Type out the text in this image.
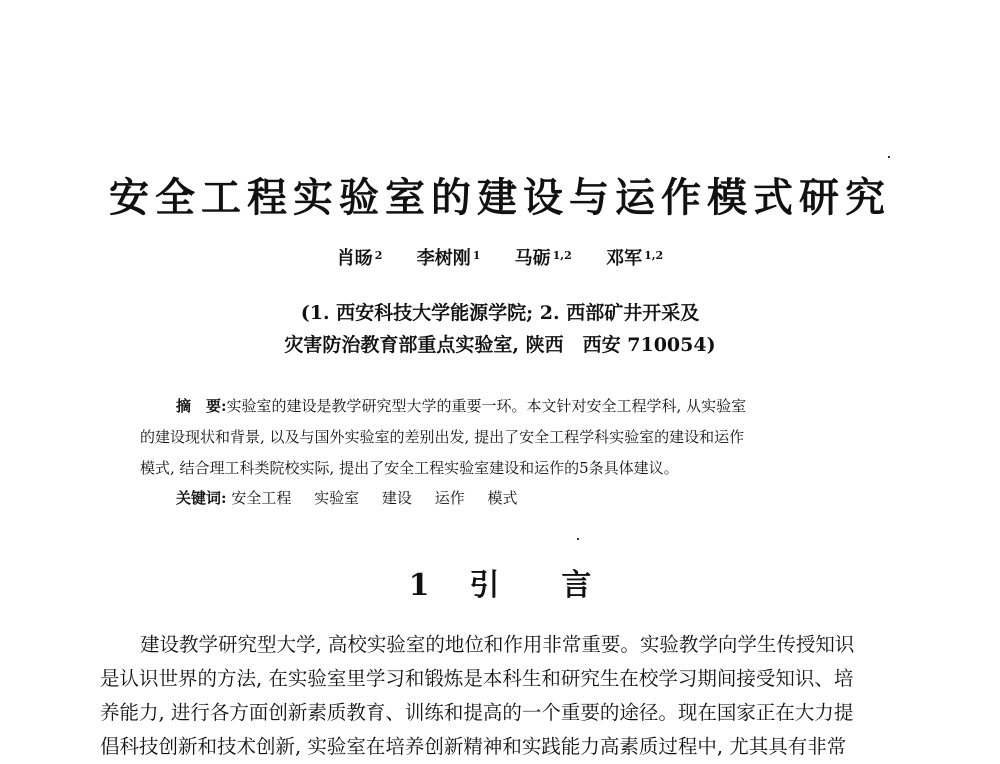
安全工程实验室的建设与运作模式研究
肖旸 $^2$ 李树刚 $^1$ 马砺 $^{1,2}$ 邓军 $^{1,2}$
(1. 西安科技大学能源学院; 2. 西部矿井开采及
灾害防治教育部重点实验室, 陕西　西安 710054)
摘　要:实验室的建设是教学研究型大学的重要一环。本文针对安全工程学科, 从实验室
的建设现状和背景, 以及与国外实验室的差别出发, 提出了安全工程学科实验室的建设和运作
模式, 结合理工科类院校实际, 提出了安全工程实验室建设和运作的5条具体建议。
关键词: 安全工程 实验室 建设 运作 模式
1 引言
建设教学研究型大学, 高校实验室的地位和作用非常重要。实验教学向学生传授知识
是认识世界的方法, 在实验室里学习和锻炼是本科生和研究生在校学习期间接受知识、培
养能力, 进行各方面创新素质教育、训练和提高的一个重要的途径。现在国家正在大力提
倡科技创新和技术创新, 实验室在培养创新精神和实践能力高素质过程中, 尤其具有非常
